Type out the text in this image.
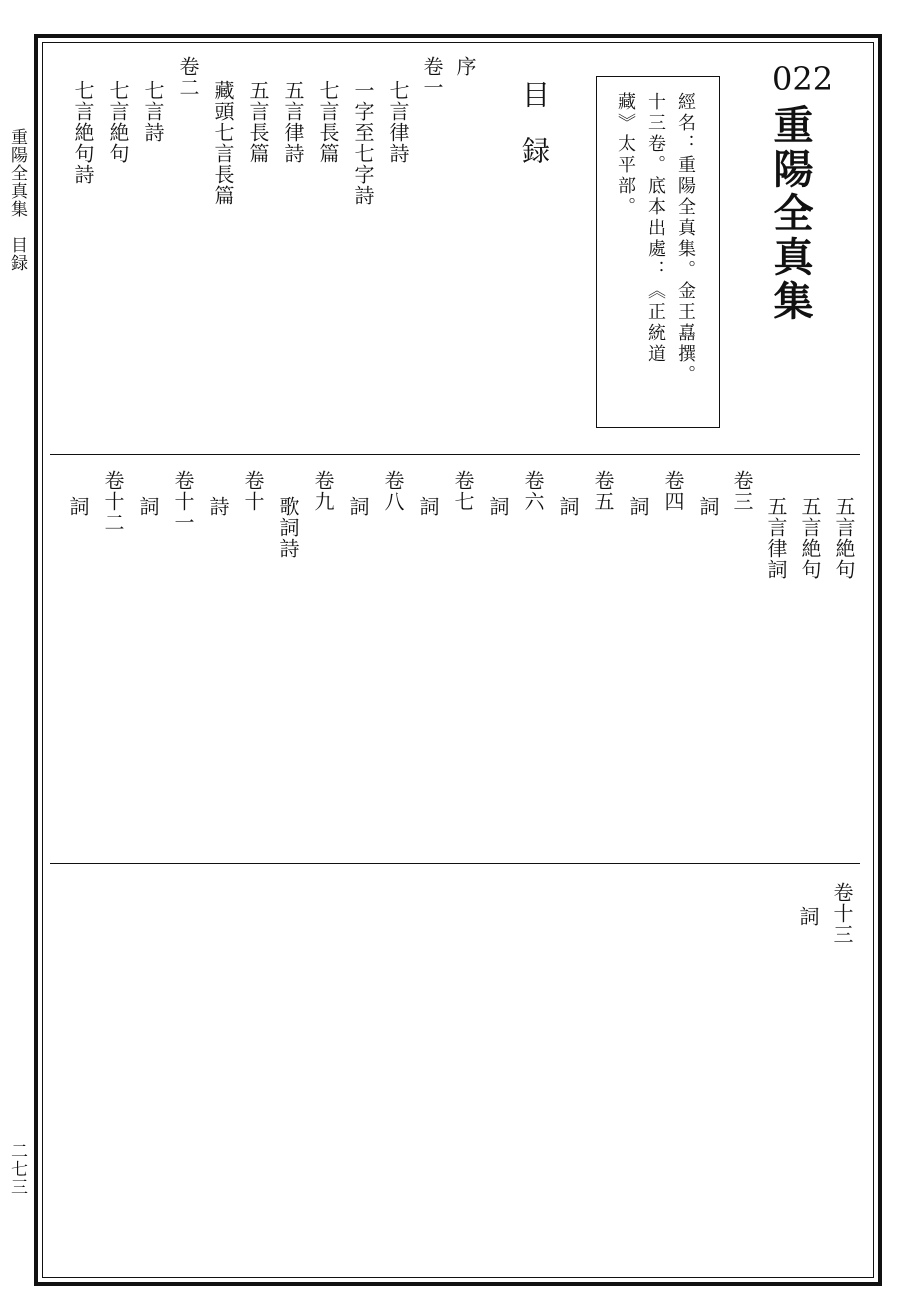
重陽全真集　目録
二七三
022
重陽全真集
經名：重陽全真集。金王嚞撰。
十三卷。底本出處：《正統道
藏》太平部。
目録
序
卷一
七言律詩
一字至七字詩
七言長篇
五言律詩
五言長篇
藏頭七言長篇
卷二
七言詩
七言絶句
七言絶句詩
五言絶句
五言絶句
五言律詞
卷三
詞
卷四
詞
卷五
詞
卷六
詞
卷七
詞
卷八
詞
卷九
歌詞詩
卷十
詩
卷十一
詞
卷十二
詞
卷十三
詞
